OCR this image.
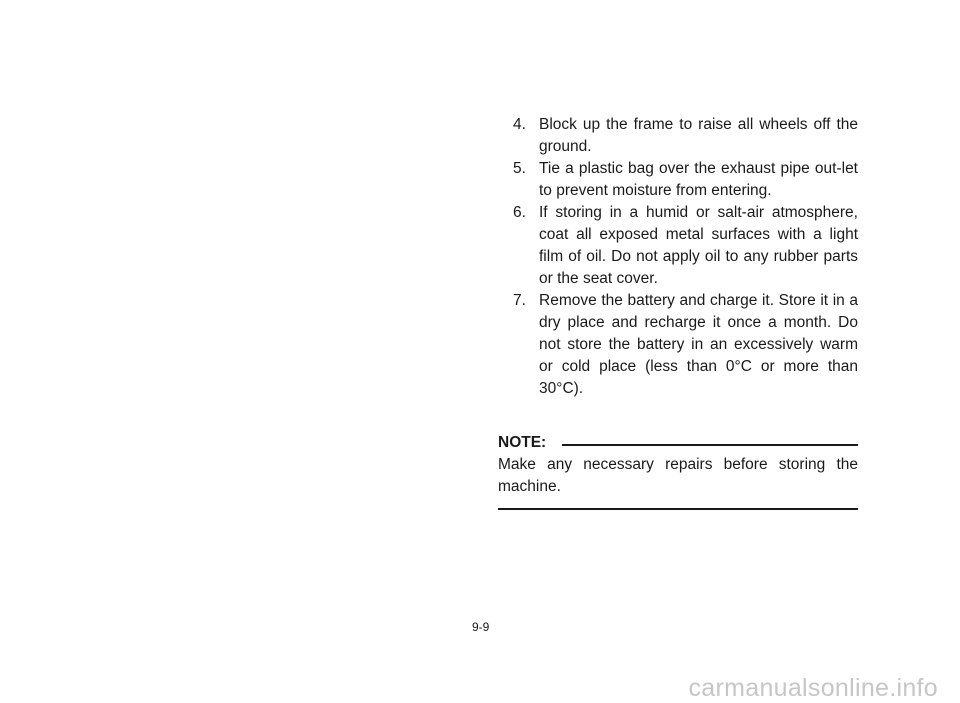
4. Block up the frame to raise all wheels off the ground.
5. Tie a plastic bag over the exhaust pipe out-let to prevent moisture from entering.
6. If storing in a humid or salt-air atmosphere, coat all exposed metal surfaces with a light film of oil. Do not apply oil to any rubber parts or the seat cover.
7. Remove the battery and charge it. Store it in a dry place and recharge it once a month. Do not store the battery in an excessively warm or cold place (less than 0°C or more than 30°C).
NOTE:

Make any necessary repairs before storing the machine.

9-9
carmanualsonline.info
